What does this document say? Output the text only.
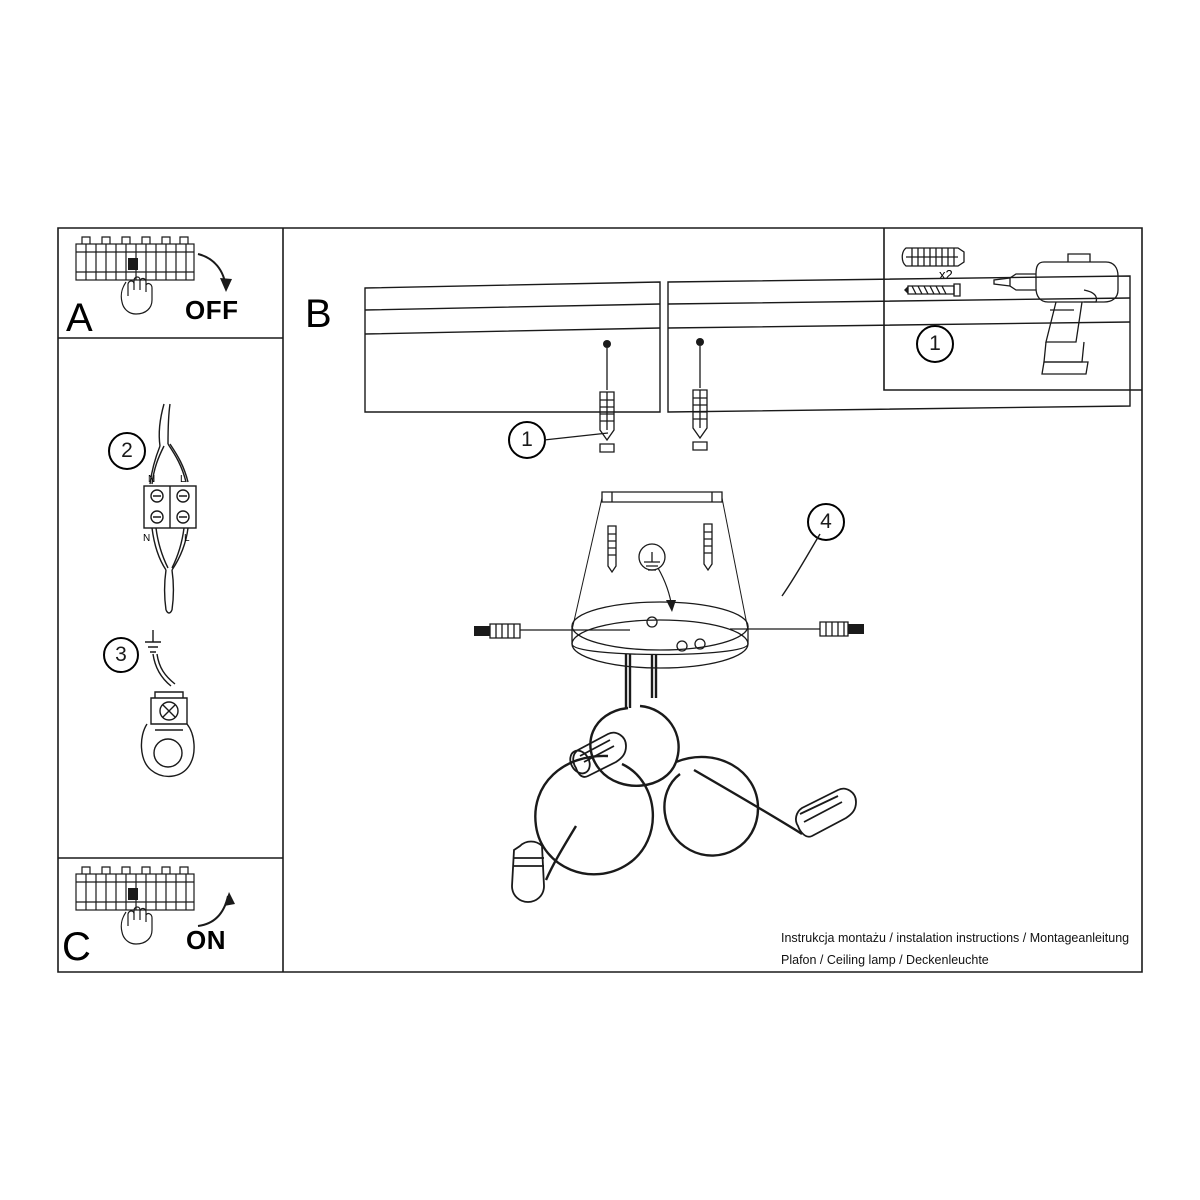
A	OFF
2
N L
N	L
3
C	ON
B
x2
1
1
4
Instrukcja montażu / instalation instructions / Montageanleitung
Plafon / Ceiling lamp / Deckenleuchte
